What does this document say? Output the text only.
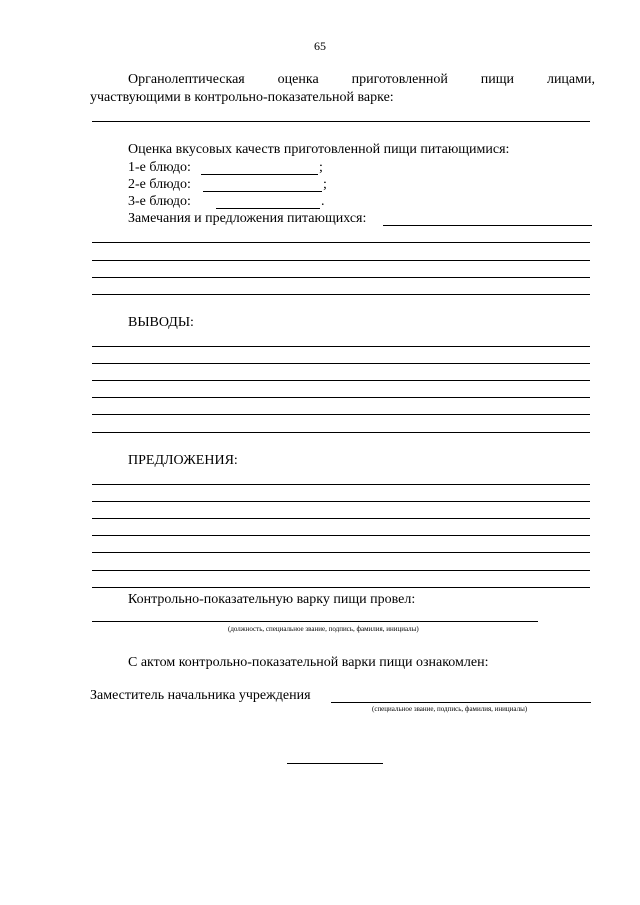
65
Органолептическая оценка приготовленной пищи лицами,
участвующими в контрольно-показательной варке:
Оценка вкусовых качеств приготовленной пищи питающимися:
1-е блюдо:	;
2-е блюдо:	;
3-е блюдо:	.
Замечания и предложения питающихся:
ВЫВОДЫ:
ПРЕДЛОЖЕНИЯ:
Контрольно-показательную варку пищи провел:
(должность, специальное звание, подпись, фамилия, инициалы)
С актом контрольно-показательной варки пищи ознакомлен:
Заместитель начальника учреждения
(специальное звание, подпись, фамилия, инициалы)
